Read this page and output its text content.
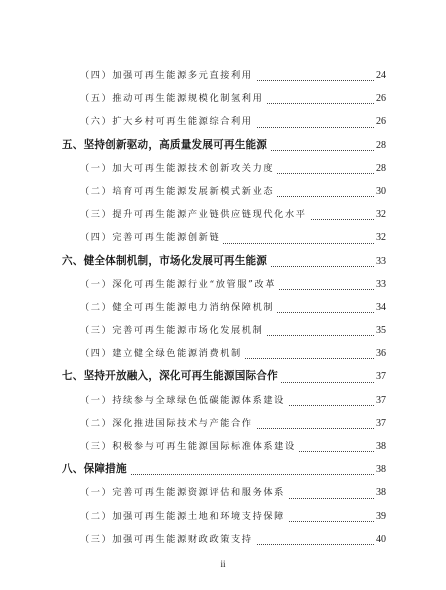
（四）加强可再生能源多元直接利用	24
（五）推动可再生能源规模化制氢利用	26
（六）扩大乡村可再生能源综合利用	26
五、坚持创新驱动，高质量发展可再生能源	28
（一）加大可再生能源技术创新攻关力度	28
（二）培育可再生能源发展新模式新业态	30
（三）提升可再生能源产业链供应链现代化水平	32
（四）完善可再生能源创新链	32
六、健全体制机制，市场化发展可再生能源	33
（一）深化可再生能源行业“放管服”改革	33
（二）健全可再生能源电力消纳保障机制	34
（三）完善可再生能源市场化发展机制	35
（四）建立健全绿色能源消费机制	36
七、坚持开放融入，深化可再生能源国际合作	37
（一）持续参与全球绿色低碳能源体系建设	37
（二）深化推进国际技术与产能合作	37
（三）积极参与可再生能源国际标准体系建设	38
八、保障措施	38
（一）完善可再生能源资源评估和服务体系	38
（二）加强可再生能源土地和环境支持保障	39
（三）加强可再生能源财政政策支持	40
ii
